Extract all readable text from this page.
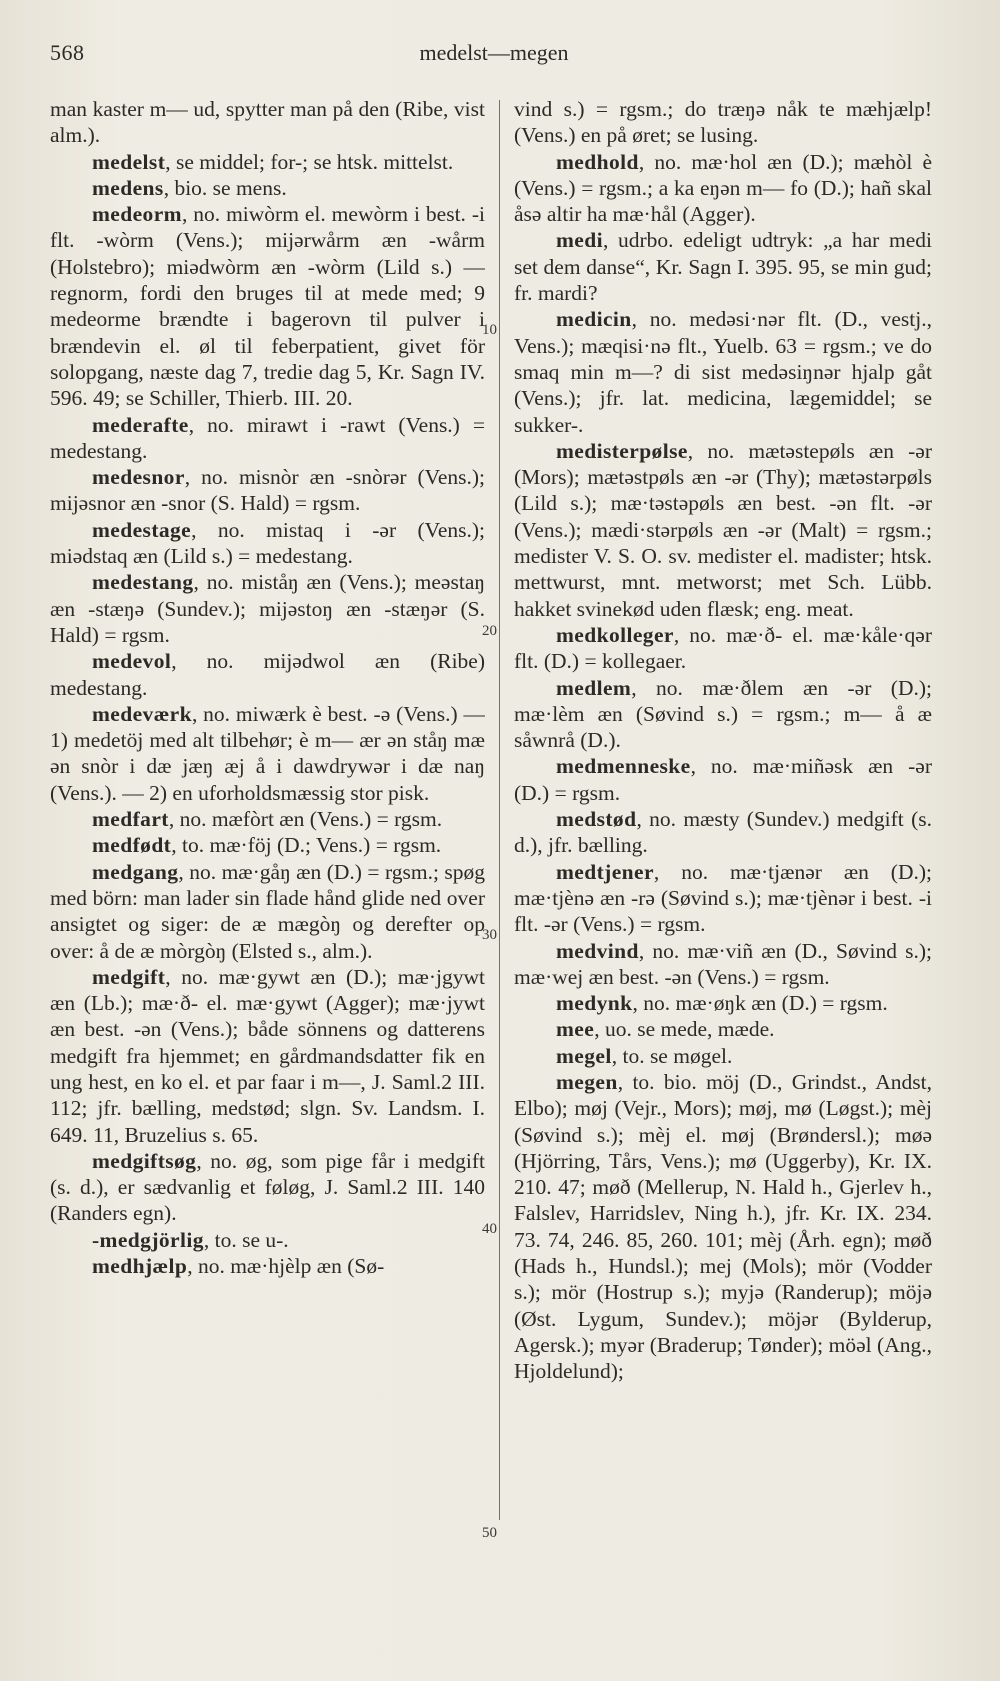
568	medelst—megen
10
20
30
40
50

man kaster m— ud, spytter man på den (Ribe, vist alm.).

medelst, se middel; for-; se htsk. mittelst.

medens, bio. se mens.

medeorm, no. miwòrm el. mewòrm i best. -i flt. -wòrm (Vens.); mijərwårm æn -wårm (Holstebro); miədwòrm æn -wòrm (Lild s.) — regnorm, fordi den bruges til at mede med; 9 medeorme brændte i bagerovn til pulver i brændevin el. øl til feberpatient, givet för solopgang, næste dag 7, tredie dag 5, Kr. Sagn IV. 596. 49; se Schiller, Thierb. III. 20.

mederafte, no. mirawt i -rawt (Vens.) = medestang.

medesnor, no. misnòr æn -snòrər (Vens.); mijəsnor æn -snor (S. Hald) = rgsm.

medestage, no. mistaq i -ər (Vens.); miədstaq æn (Lild s.) = medestang.

medestang, no. miståŋ æn (Vens.); meəstaŋ æn -stæŋə (Sundev.); mijəstoŋ æn -stæŋər (S. Hald) = rgsm.

medevol, no. mijədwol æn (Ribe) medestang.

medeværk, no. miwærk è best. -ə (Vens.) — 1) medetöj med alt tilbehør; è m— ær ən ståŋ mæ ən snòr i dæ jæŋ æj å i dawdrywər i dæ naŋ (Vens.). — 2) en uforholdsmæssig stor pisk.

medfart, no. mæfòrt æn (Vens.) = rgsm.

medfødt, to. mæ·föj (D.; Vens.) = rgsm.

medgang, no. mæ·gåŋ æn (D.) = rgsm.; spøg med börn: man lader sin flade hånd glide ned over ansigtet og siger: de æ mægòŋ og derefter op over: å de æ mòrgòŋ (Elsted s., alm.).

medgift, no. mæ·gywt æn (D.); mæ·jgywt æn (Lb.); mæ·ð- el. mæ·gywt (Agger); mæ·jywt æn best. -ən (Vens.); både sönnens og datterens medgift fra hjemmet; en gårdmandsdatter fik en ung hest, en ko el. et par faar i m—, J. Saml.2 III. 112; jfr. bælling, medstød; slgn. Sv. Landsm. I. 649. 11, Bruzelius s. 65.

medgiftsøg, no. øg, som pige får i medgift (s. d.), er sædvanlig et føløg, J. Saml.2 III. 140 (Randers egn).

-medgjörlig, to. se u-.

medhjælp, no. mæ·hjèlp æn (Sø-

vind s.) = rgsm.; do træŋə nåk te mæhjælp! (Vens.) en på øret; se lusing.

medhold, no. mæ·hol æn (D.); mæhòl è (Vens.) = rgsm.; a ka eŋən m— fo (D.); hañ skal åsə altir ha mæ·hål (Agger).

medi, udrbo. edeligt udtryk: „a har medi set dem danse“, Kr. Sagn I. 395. 95, se min gud; fr. mardi?

medicin, no. medəsi·nər flt. (D., vestj., Vens.); mæqisi·nə flt., Yuelb. 63 = rgsm.; ve do smaq min m—? di sist medəsiŋnər hjalp gåt (Vens.); jfr. lat. medicina, lægemiddel; se sukker-.

medisterpølse, no. mætəstepøls æn -ər (Mors); mætəstpøls æn -ər (Thy); mætəstərpøls (Lild s.); mæ·təstəpøls æn best. -ən flt. -ər (Vens.); mædi·stərpøls æn -ər (Malt) = rgsm.; medister V. S. O. sv. medister el. madister; htsk. mettwurst, mnt. metworst; met Sch. Lübb. hakket svinekød uden flæsk; eng. meat.

medkolleger, no. mæ·ð- el. mæ·kåle·qər flt. (D.) = kollegaer.

medlem, no. mæ·ðlem æn -ər (D.); mæ·lèm æn (Søvind s.) = rgsm.; m— å æ såwnrå (D.).

medmenneske, no. mæ·miñəsk æn -ər (D.) = rgsm.

medstød, no. mæsty (Sundev.) medgift (s. d.), jfr. bælling.

medtjener, no. mæ·tjænər æn (D.); mæ·tjènə æn -rə (Søvind s.); mæ·tjènər i best. -i flt. -ər (Vens.) = rgsm.

medvind, no. mæ·viñ æn (D., Søvind s.); mæ·wej æn best. -ən (Vens.) = rgsm.

medynk, no. mæ·øŋk æn (D.) = rgsm.

mee, uo. se mede, mæde.

megel, to. se møgel.

megen, to. bio. möj (D., Grindst., Andst, Elbo); møj (Vejr., Mors); møj, mø (Løgst.); mèj (Søvind s.); mèj el. møj (Brøndersl.); møə (Hjörring, Tårs, Vens.); mø (Uggerby), Kr. IX. 210. 47; møð (Mellerup, N. Hald h., Gjerlev h., Falslev, Harridslev, Ning h.), jfr. Kr. IX. 234. 73. 74, 246. 85, 260. 101; mèj (Årh. egn); møð (Hads h., Hundsl.); mej (Mols); mör (Vodder s.); mör (Hostrup s.); myjə (Randerup); möjə (Øst. Lygum, Sundev.); möjər (Bylderup, Agersk.); myər (Braderup; Tønder); möəl (Ang., Hjoldelund);
